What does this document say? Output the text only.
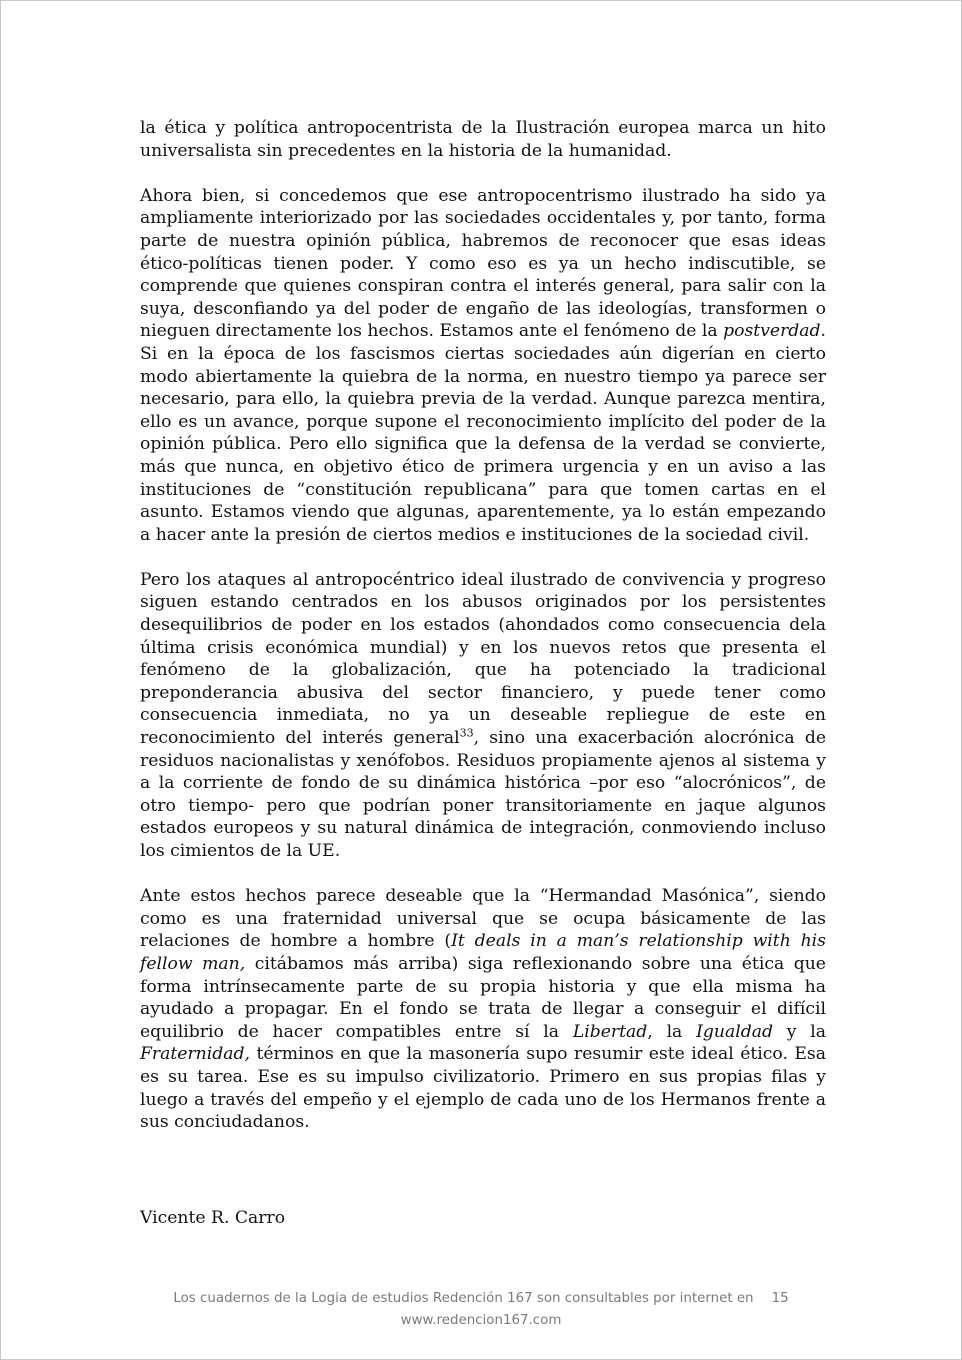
la ética y política antropocentrista de la Ilustración europea marca un hito universalista sin precedentes en la historia de la humanidad.

Ahora bien, si concedemos que ese antropocentrismo ilustrado ha sido ya ampliamente interiorizado por las sociedades occidentales y, por tanto, forma parte de nuestra opinión pública, habremos de reconocer que esas ideas ético-políticas tienen poder. Y como eso es ya un hecho indiscutible, se comprende que quienes conspiran contra el interés general, para salir con la suya, desconfiando ya del poder de engaño de las ideologías, transformen o nieguen directamente los hechos. Estamos ante el fenómeno de la postverdad. Si en la época de los fascismos ciertas sociedades aún digerían en cierto modo abiertamente la quiebra de la norma, en nuestro tiempo ya parece ser necesario, para ello, la quiebra previa de la verdad. Aunque parezca mentira, ello es un avance, porque supone el reconocimiento implícito del poder de la opinión pública. Pero ello significa que la defensa de la verdad se convierte, más que nunca, en objetivo ético de primera urgencia y en un aviso a las instituciones de “constitución republicana” para que tomen cartas en el asunto. Estamos viendo que algunas, aparentemente, ya lo están empezando a hacer ante la presión de ciertos medios e instituciones de la sociedad civil.

Pero los ataques al antropocéntrico ideal ilustrado de convivencia y progreso siguen estando centrados en los abusos originados por los persistentes desequilibrios de poder en los estados (ahondados como consecuencia dela última crisis económica mundial) y en los nuevos retos que presenta el fenómeno de la globalización, que ha potenciado la tradicional preponderancia abusiva del sector financiero, y puede tener como consecuencia inmediata, no ya un deseable repliegue de este en reconocimiento del interés general$^{33}$, sino una exacerbación alocrónica de residuos nacionalistas y xenófobos. Residuos propiamente ajenos al sistema y a la corriente de fondo de su dinámica histórica –por eso “alocrónicos”, de otro tiempo- pero que podrían poner transitoriamente en jaque algunos estados europeos y su natural dinámica de integración, conmoviendo incluso los cimientos de la UE.

Ante estos hechos parece deseable que la “Hermandad Masónica”, siendo como es una fraternidad universal que se ocupa básicamente de las relaciones de hombre a hombre (It deals in a man’s relationship with his fellow man, citábamos más arriba) siga reflexionando sobre una ética que forma intrínsecamente parte de su propia historia y que ella misma ha ayudado a propagar. En el fondo se trata de llegar a conseguir el difícil equilibrio de hacer compatibles entre sí la Libertad, la Igualdad y la Fraternidad, términos en que la masonería supo resumir este ideal ético. Esa es su tarea. Ese es su impulso civilizatorio. Primero en sus propias filas y luego a través del empeño y el ejemplo de cada uno de los Hermanos frente a sus conciudadanos.

Vicente R. Carro
Los cuadernos de la Logia de estudios Redención 167 son consultables por internet en 15
www.redencion167.com
